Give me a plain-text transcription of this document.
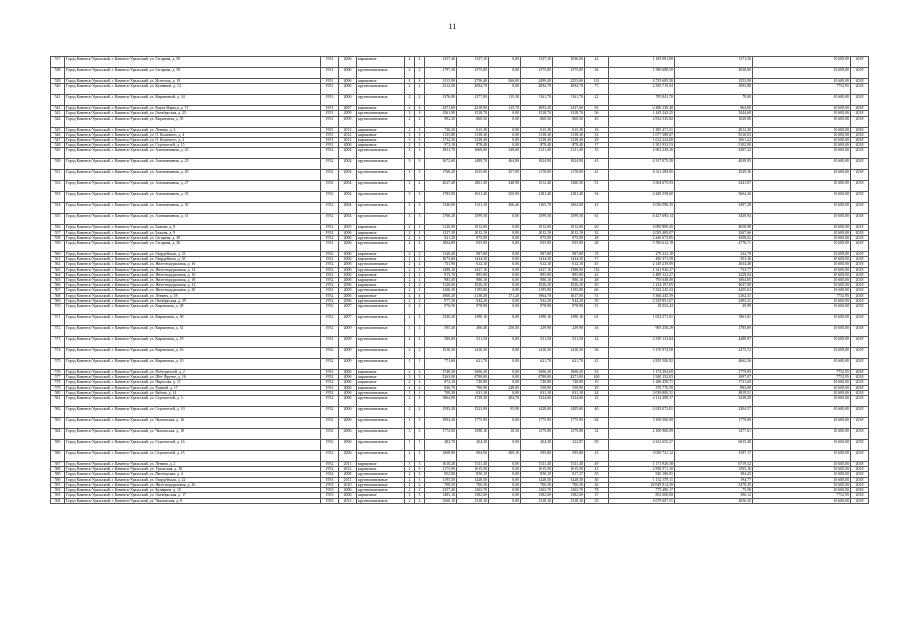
11
537	Город Каменск-Уральский, г. Каменск-Уральский, ул. Гагарина, д. 50	1951	2006	кирпичные	2	2	1357,40	1127,10	0,00	1127,10	1036,00	42	1 185 081,90	1171,56	10 600,00	2018
538	Город Каменск-Уральский, г. Каменск-Уральский, ул. Гагарина, д. 59	1951	2006	крупнопанельные	2	2	1797,30	1575,00	0,00	1575,00	1575,00	34	1 590 689,50	3038,00	10 600,00	2018
539	Город Каменск-Уральский, г. Каменск-Уральский, ул. Исетская, д. 18	1951	2006	кирпичные	4	4	3115,90	2756,40	266,00	2490,40	2253,60	131	4 735 685,50	1553,90	10 600,00	2018
540	Город Каменск-Уральский, г. Каменск-Уральский, ул. Кунавина, д. 12	1951	2006	крупнопанельные	2	2	2312,00	2094,70	0,00	2094,70	2094,70	75	2 395 710,94	1093,80	7752,95	2018
541	Город Каменск-Уральский, г. Каменск-Уральский, ул. Кирпичный, д. 34	1951	2006	крупнопанельные	2	2	1376,80	1277,00	115,30	1161,70	1161,70	22	795 841,70	79,00	10 600,00	2018
542	Город Каменск-Уральский, г. Каменск-Уральский, ул. Карла Маркса, д. 71	1951	2007	кирпичные	2	4	2471,60	2218,90	125,70	2093,20	1437,60	63	2 286 139,40	964,00	10 600,00	2018
543	Город Каменск-Уральский, г. Каменск-Уральский, ул. Октябрьская, д. 25	1951	2009	крупнопанельные	3	3	1561,90	1518,70	0,00	1518,70	1318,70	56	1 445 243,25	5444,68	10 600,00	2018
544	Город Каменск-Уральский, г. Каменск-Уральский, ул. Кирпичная, д. 35	1951	2009	крупнопанельные	2	2	992,20	860,50	0,00	860,50	860,50	45	4 932 535,82	1020,00	10 600,00	2018
545	Город Каменск-Уральский, г. Каменск-Уральский, ул. Ленина, д. 4	1951	2012	кирпичные	2	3	730,20	615,30	0,00	615,30	615,30	16	1 285 471,31	2812,40	10 600,00	2018
546	Город Каменск-Уральский, г. Каменск-Уральский, ул. О. Кошевого, д. 4	1951	2012	кирпичные	3	3	1135,80	1158,30	0,00	1158,30	1158,30	31	1 077 589,07	9216,03	10 600,00	2018
547	Город Каменск-Уральский, г. Каменск-Уральский, ул. О. Кошевого, д. 2	1951	2012	кирпичные	3	3	1732,30	1238,40	0,00	1238,40	1238,40	29	1 012 224,00	1061,22	10 600,00	2018
548	Город Каменск-Уральский, г. Каменск-Уральский, ул. Строителей, д. 15	1951	2006	кирпичные	2	2	973,10	878,40	0,00	878,40	878,40	17	1 501 933,53	5102,90	10 600,00	2018
549	Город Каменск-Уральский, г. Каменск-Уральский, ул. Алюминиевая, д. 23	1952	2004	крупнопанельные	3	3	1851,70	1660,00	348,60	1311,40	1311,40	35	2 963 239,26	3497,32	10 600,00	2018
550	Город Каменск-Уральский, г. Каменск-Уральский, ул. Алюминиевая, д. 25	1952	2004	крупнопанельные	3	3	1672,60	1489,70	464,80	1024,90	1024,90	43	4 317 075,39	4038,95	10 600,00	2018
551	Город Каменск-Уральский, г. Каменск-Уральский, ул. Алюминиевая, д. 29	1952	2004	крупнопанельные	3	3	1768,20	1535,00	357,00	1178,00	1178,00	41	6 311 289,85	2529,36	10 600,00	2018
552	Город Каменск-Уральский, г. Каменск-Уральский, ул. Алюминиевая, д. 27	1952	2004	крупнопанельные	2	2	2027,40	1861,30	348,90	1512,40	1360,30	51	3 504 675,93	3441,07	10 600,00	2018
553	Город Каменск-Уральский, г. Каменск-Уральский, ул. Алюминиевая, д. 33	1952	2004	крупнопанельные	3	3	1783,00	1631,40	350,00	1281,40	1281,40	54	4 449 558,60	3604,26	10 600,00	2018
554	Город Каменск-Уральский, г. Каменск-Уральский, ул. Алюминиевая, д. 35	1952	2004	крупнопанельные	3	3	1346,00	1131,10	466,40	1165,70	1062,00	41	4 036 096,35	3497,28	10 600,00	2018
555	Город Каменск-Уральский, г. Каменск-Уральский, ул. Алюминиевая, д. 31	1952	2004	крупнопанельные	3	3	1766,20	1599,50	0,00	1599,50	1599,50	61	6 427 693,14	3439,94	10 600,00	2018
556	Город Каменск-Уральский, г. Каменск-Уральский, ул. Бажова, д. 8	1952	2005	кирпичные	2	2	1126,90	1012,00	0,00	1012,00	1012,00	20	4 090 890,45	4058,98	10 600,00	2018
557	Город Каменск-Уральский, г. Каменск-Уральский, ул. Бажова, д. 9	1952	2006	кирпичные	2	2	1127,30	1012,10	0,00	1012,10	1012,10	32	2 035 409,07	3267,66	10 600,00	2018
558	Город Каменск-Уральский, г. Каменск-Уральский, ул. Гагарина, д. 38	1952	2006	крупнопанельные	2	2	921,20	875,00	0,00	875,00	875,00	28	2 446 073,85	4508,02	10 600,00	2018
559	Город Каменск-Уральский, г. Каменск-Уральский, ул. Гагарина, д. 36	1952	2006	крупнопанельные	2	2	1064,80	935,90	0,00	935,90	935,90	28	5 780 612,19	4776,71	10 600,00	2018
560	Город Каменск-Уральский, г. Каменск-Уральский, ул. Гвардейская, д. 33	1952	2006	кирпичные	2	2	1120,40	987,00	0,00	987,00	987,00	33	279 232,10	244,78	10 600,00	2018
561	Город Каменск-Уральский, г. Каменск-Уральский, ул. Гвардейская, д. 35	1952	2006	кирпичные	2	2	1673,60	1434,30	0,00	1434,30	1434,30	57	490 371,58	503,36	10 600,00	2018
562	Город Каменск-Уральский, г. Каменск-Уральский, ул. Железнодорожная, д. 16	1952	2006	крупнопанельные	2	2	731,90	612,10	0,00	612,10	612,10	45	2 149 239,09	2634,48	10 600,00	2018
563	Город Каменск-Уральский, г. Каменск-Уральский, ул. Железнодорожная, д. 14	1952	2006	крупнопанельные	2	2	1488,10	1437,10	0,00	1437,10	1388,00	116	1 341 926,27	753,77	10 600,00	2018
564	Город Каменск-Уральский, г. Каменск-Уральский, ул. Железнодорожная, д. 10	1952	2006	кирпичные	2	2	915,70	895,80	0,00	895,80	895,80	42	1 489 121,27	2428,04	10 600,00	2018
565	Город Каменск-Уральский, г. Каменск-Уральский, ул. Железнодорожная, д. 18	1952	2006	кирпичные	2	2	983,30	886,10	0,00	886,10	886,10	48	795 048,00	1064,85	10 600,00	2018
566	Город Каменск-Уральский, г. Каменск-Уральский, ул. Железнодорожная, д. 12	1952	2006	кирпичные	2	2	1126,60	1026,20	0,00	1026,20	1026,20	49	1 234 197,05	4047,00	10 600,00	2018
567	Город Каменск-Уральский, г. Каменск-Уральский, ул. Железнодорожная, д. 20	1952	2009	крупнопанельные	2	2	1436,30	1195,80	0,00	1195,80	1195,80	66	5 332 245,43	4455,63	10 600,00	2018
568	Город Каменск-Уральский, г. Каменск-Уральский, ул. Ленина, д. 18	1952	2006	кирпичные	4	4	1960,20	2138,20	171,20	1964,70	1617,00	51	5 366 245,59	2162,31	7752,95	2018
569	Город Каменск-Уральский, г. Каменск-Уральский, ул. Октябрьская, д. 29	1952	2006	крупнопанельные	2	2	977,30	942,20	0,00	942,20	942,20	39	2 329 851,07	2493,21	10 600,00	2018
570	Город Каменск-Уральский, г. Каменск-Уральский, ул. Кирпичная, д. 28	1952	2007	крупнопанельные	2	2	976,50	878,90	0,00	878,90	878,90	31	29 052,43	29,99	10 600,00	2018
571	Город Каменск-Уральский, г. Каменск-Уральский, ул. Кирпичная, д. 30	1952	2007	крупнопанельные	2	2	1330,20	1390,10	0,00	1390,10	1390,10	61	1 023 571,91	1961,01	10 600,00	2018
572	Город Каменск-Уральский, г. Каменск-Уральский, ул. Кирпичная, д. 31	1952	2009	крупнопанельные	1	1	595,40	496,40	256,50	239,90	239,90	16	905 358,29	1785,69	10 600,00	2018
573	Город Каменск-Уральский, г. Каменск-Уральский, ул. Кирпичная, д. 19	1952	2009	крупнопанельные	2	2	580,00	531,50	0,00	531,50	531,50	22	3 339 133,84	4288,87	10 600,00	2018
574	Город Каменск-Уральский, г. Каменск-Уральский, ул. Кирпичная, д. 16	1952	2009	крупнопанельные	2	2	1516,50	1416,50	0,00	1416,50	1416,50	36	3 176 974,58	4275,72	10 600,00	2018
575	Город Каменск-Уральский, г. Каменск-Уральский, ул. Кирпичная, д. 10	1952	2009	крупнопанельные	1	1	771,60	621,70	0,00	621,70	621,70	23	2 835 500,92	4662,56	10 600,00	2018
576	Город Каменск-Уральский, г. Каменск-Уральский, ул. Победителей, д. 2	1952	2006	кирпичные	2	2	1748,30	1606,20	0,00	1606,20	1606,20	52	1 172 394,69	1779,85	7752,95	2018
577	Город Каменск-Уральский, г. Каменск-Уральский, ул. Шет Фрунзе, д. 16	1952	2006	кирпичные	3	3	5263,00	4790,00	0,00	4790,00	4271,00	160	3 340 152,03	1697,07	7752,95	2018
578	Город Каменск-Уральский, г. Каменск-Уральский, ул. Пирогова, д. 11	1952	2006	кирпичные	2	2	872,10	740,80	0,00	740,80	740,80	19	1 286 458,71	1731,69	10 600,00	2018
579	Город Каменск-Уральский, г. Каменск-Уральский, ул. Рудный, д. 17	1952	2006	кирпичные	2	2	836,70	786,90	248,00	538,90	538,90	29	376 776,59	884,08	10 600,00	2018
580	Город Каменск-Уральский, г. Каменск-Уральский, ул. Рябова, д. 14	1952	2006	крупнопанельные	1	1	700,30	631,10	0,00	631,10	631,10	24	3 039 800,51	4819,51	10 600,00	2018
581	Город Каменск-Уральский, г. Каменск-Уральский, ул. Строителей, д. 3	1952	2006	крупнопанельные	2	2	1864,90	1739,30	404,70	1334,60	1334,60	23	2 114 498,17	3238,29	10 600,00	2018
582	Город Каменск-Уральский, г. Каменск-Уральский, ул. Строителей, д. 10	1952	2006	крупнопанельные	2	2	1593,20	1523,90	95,90	1428,00	1405,60	40	2 635 072,01	2304,57	10 600,00	2018
583	Город Каменск-Уральский, г. Каменск-Уральский, ул. Чкаловская, д. 16	1952	2006	крупнопанельные	3	3	1993,20	1775,90	0,00	1775,90	1775,90	64	3 100 560,00	1779,88	10 600,00	2018
584	Город Каменск-Уральский, г. Каменск-Уральский, ул. Чкаловская, д. 18	1952	2006	крупнопанельные	3	3	1774,00	1398,10	18,30	1379,80	1379,80	32	2 100 960,09	1477,61	10 600,00	2018
585	Город Каменск-Уральский, г. Каменск-Уральский, ул. Строителей, д. 16	1952	2006	крупнопанельные	1	1	482,70	404,30	0,00	404,30	322,87	50	4 322 655,27	6035,48	10 600,00	2018
586	Город Каменск-Уральский, г. Каменск-Уральский, ул. Строителей, д. 25	1952	2006	крупнопанельные	2	2	1068,90	904,90	309,10	595,80	595,80	23	3 039 741,12	3197,17	10 600,00	2018
587	Город Каменск-Уральский, г. Каменск-Уральский, ул. Ленина, д. 2	1952	2011	кирпичные	3	3	1610,20	1511,40	0,00	1511,40	1511,40	49	1 171 920,38	6719,32	10 600,00	2018
588	Город Каменск-Уральский, г. Каменск-Уральский, ул. Уральская, д. 18	1952	2012	кирпичные	2	3	1175,90	1015,50	0,00	1015,50	1015,50	41	2 838 571,10	1503,16	10 600,00	2018
589	Город Каменск-Уральский, г. Каменск-Уральский, ул. Пионерская, д. 4	1952	2008	крупнопанельные	2	2	952,80	850,10	0,00	850,10	817,27	35	920 186,81	384,43	10 600,00	2018
590	Город Каменск-Уральский, г. Каменск-Уральский, ул. Гвардейская, д. 22	1953	2011	крупнопанельные	2	3	1195,50	1428,50	0,00	1428,50	1428,50	30	1 132 379,11	194,77	10 600,00	2018
591	Город Каменск-Уральский, г. Каменск-Уральский, ул. Железнодорожная, д. 26	1953	2010	крупнопанельные	2	2	708,50	706,30	0,00	706,30	706,30	26	20 049 914,39	5478,29	10 600,00	2018
592	Город Каменск-Уральский, г. Каменск-Уральский, ул. Кунавина, д. 10	1953	2006	крупнопанельные	2	2	1357,40	1263,70	0,00	1263,70	1263,70	78	775 480,17	75,58	10 600,00	2018
593	Город Каменск-Уральский, г. Каменск-Уральский, ул. Октябрьская, д. 17	1953	2006	кирпичные	3	3	1483,10	1382,00	0,00	1382,00	1382,00	37	852 600,00	396,12	7752,95	2018
594	Город Каменск-Уральский, г. Каменск-Уральский, ул. Чкаловская, д. 8	1953	2012	крупнопанельные	2	2	1560,10	1318,10	0,00	1318,10	1318,10	35	4 079 607,51	2056,35	10 600,00	2018
